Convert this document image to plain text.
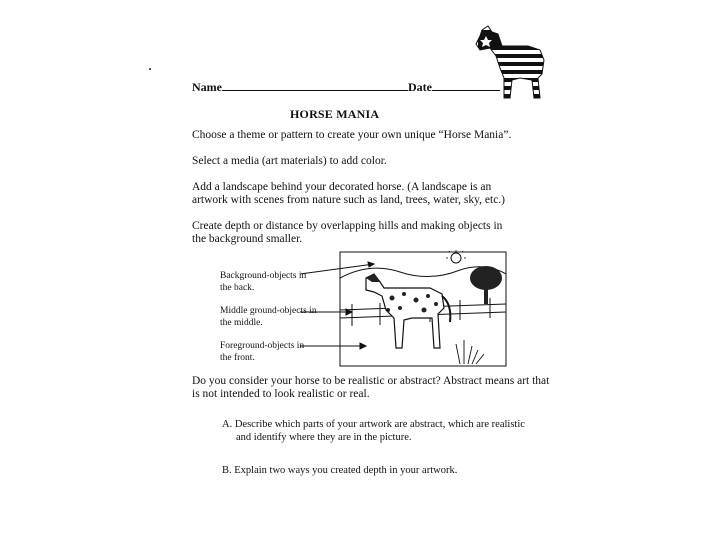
Name	Date
HORSE MANIA
Choose a theme or pattern to create your own unique “Horse Mania”.
Select a media (art materials) to add color.
Add a landscape behind your decorated horse. (A landscape is an
artwork with scenes from nature such as land, trees, water, sky, etc.)
Create depth or distance by overlapping hills and making objects in
the background smaller.
Background-objects in
the back.
Middle ground-objects in
the middle.
Foreground-objects in
the front.
Do you consider your horse to be realistic or abstract? Abstract means art that
is not intended to look realistic or real.
A. Describe which parts of your artwork are abstract, which are realistic
and identify where they are in the picture.
B. Explain two ways you created depth in your artwork.
